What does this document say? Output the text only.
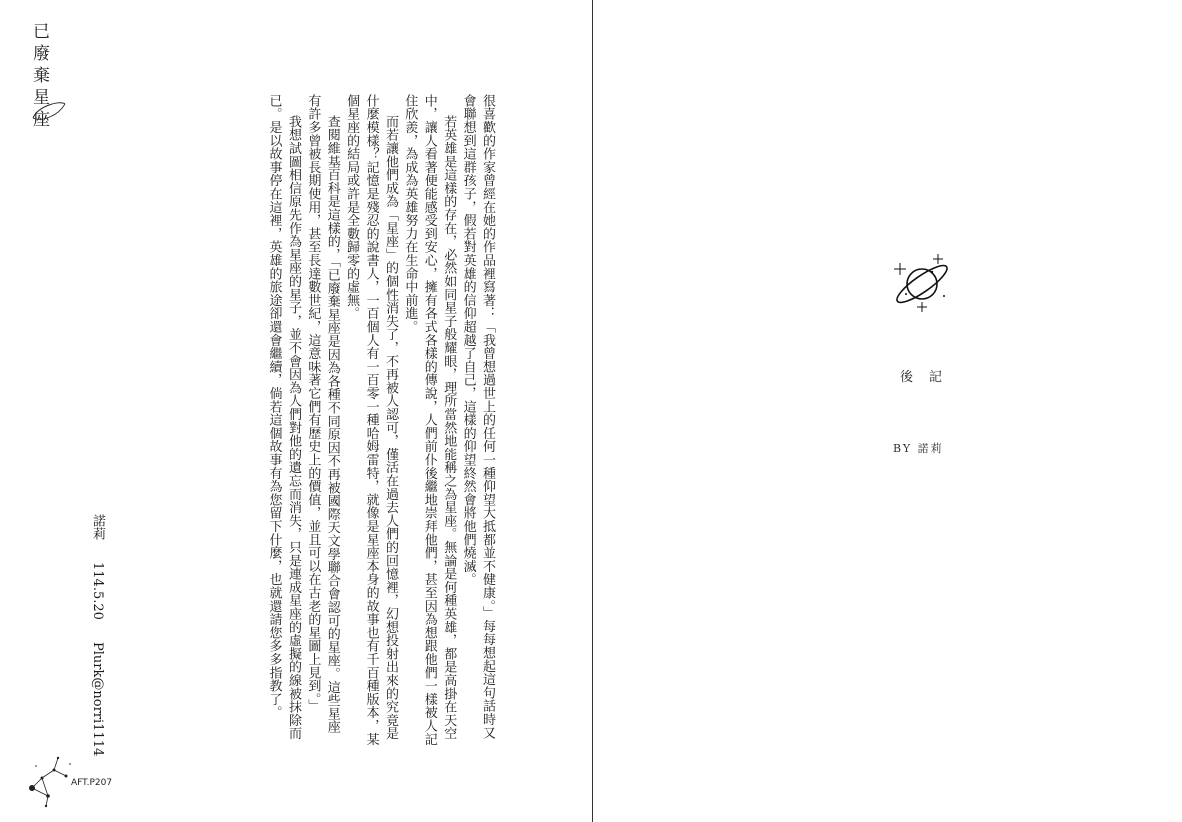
已廢棄星座

很喜歡的作家曾經在她的作品裡寫著：「我曾想過世上的任何一種仰望大抵都並不健康。」每每想起這句話時又會聯想到這群孩子，假若對英雄的信仰超越了自己，這樣的仰望終然會將他們燒滅。

若英雄是這樣的存在，必然如同星子般耀眼，理所當然地能稱之為星座。無論是何種英雄，都是高掛在天空中，讓人看著便能感受到安心，擁有各式各樣的傳說，人們前仆後繼地崇拜他們，甚至因為想跟他們一樣被人記住欣羨，為成為英雄努力在生命中前進。

而若讓他們成為「星座」的個性消失了，不再被人認可，僅活在過去人們的回憶裡，幻想投射出來的究竟是什麼模樣？記憶是殘忍的說書人，一百個人有一百零一種哈姆雷特，就像是星座本身的故事也有千百種版本，某個星座的結局或許是全數歸零的虛無。

查閱維基百科是這樣的，「已廢棄星座是因為各種不同原因不再被國際天文學聯合會認可的星座。這些星座有許多曾被長期使用，甚至長達數世紀，這意味著它們有歷史上的價值，並且可以在古老的星圖上見到。」

我想試圖相信原先作為星座的星子，並不會因為人們對他的遺忘而消失，只是連成星座的虛擬的線被抹除而已。是以故事停在這裡，英雄的旅途卻還會繼續，倘若這個故事有為您留下什麼，也就還請您多多指教了。

諾莉114.5.20Plurk@norri1114
AFT.P207
後記
BY 諾莉
